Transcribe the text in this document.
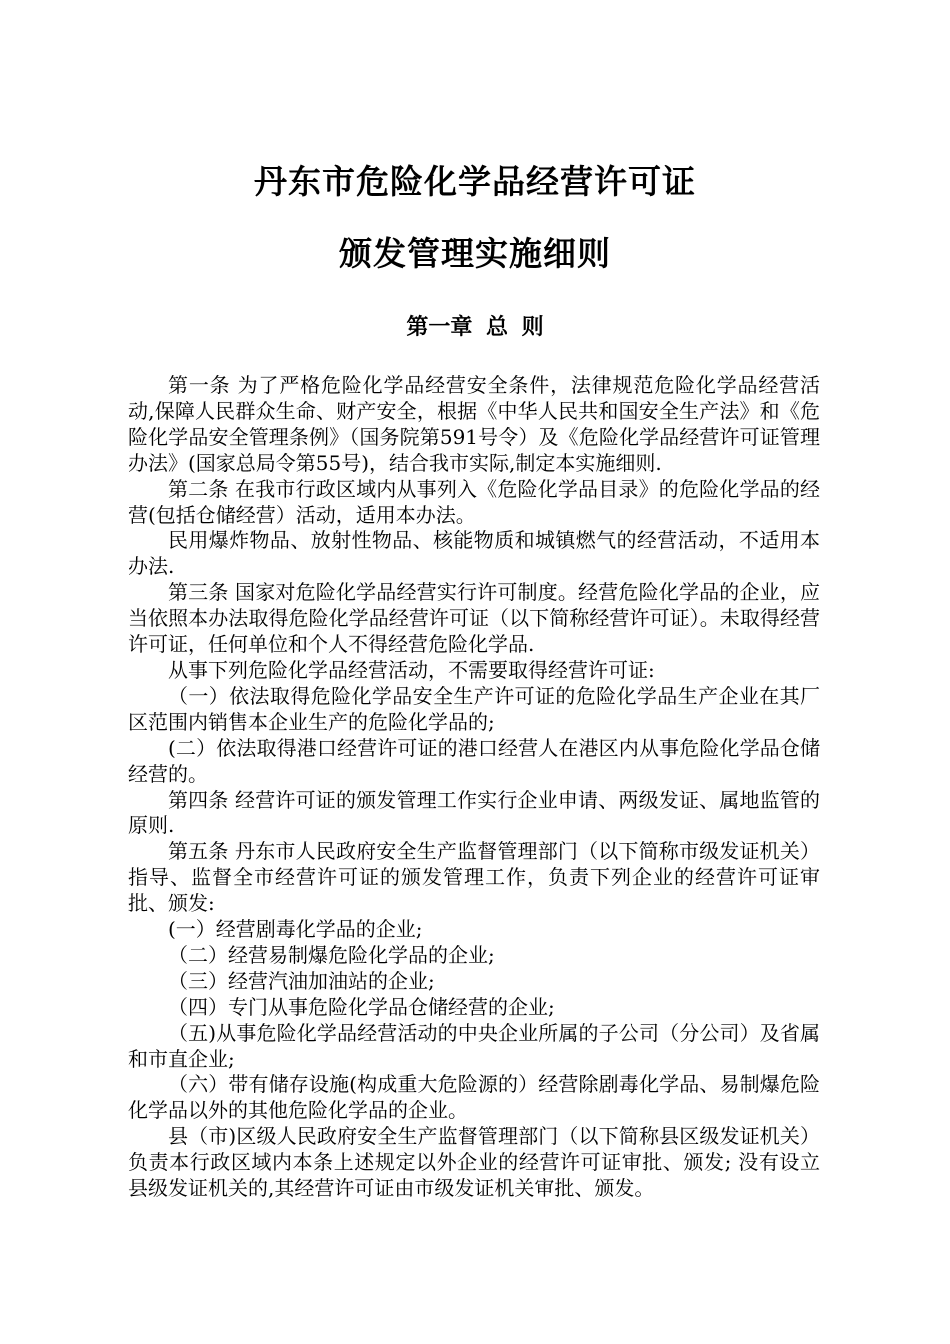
丹东市危险化学品经营许可证
颁发管理实施细则
第一章 总 则

第一条 为了严格危险化学品经营安全条件，法律规范危险化学品经营活动,保障人民群众生命、财产安全，根据《中华人民共和国安全生产法》和《危险化学品安全管理条例》（国务院第591号令）及《危险化学品经营许可证管理办法》(国家总局令第55号)，结合我市实际,制定本实施细则.

第二条 在我市行政区域内从事列入《危险化学品目录》的危险化学品的经营(包括仓储经营）活动，适用本办法。

民用爆炸物品、放射性物品、核能物质和城镇燃气的经营活动，不适用本办法.

第三条 国家对危险化学品经营实行许可制度。经营危险化学品的企业，应当依照本办法取得危险化学品经营许可证（以下简称经营许可证）。未取得经营许可证，任何单位和个人不得经营危险化学品.

从事下列危险化学品经营活动，不需要取得经营许可证:

（一）依法取得危险化学品安全生产许可证的危险化学品生产企业在其厂区范围内销售本企业生产的危险化学品的;

(二）依法取得港口经营许可证的港口经营人在港区内从事危险化学品仓储经营的。

第四条 经营许可证的颁发管理工作实行企业申请、两级发证、属地监管的原则.

第五条 丹东市人民政府安全生产监督管理部门（以下简称市级发证机关）指导、监督全市经营许可证的颁发管理工作，负责下列企业的经营许可证审批、颁发:

(一）经营剧毒化学品的企业;

（二）经营易制爆危险化学品的企业;

（三）经营汽油加油站的企业;

（四）专门从事危险化学品仓储经营的企业;

（五)从事危险化学品经营活动的中央企业所属的子公司（分公司）及省属和市直企业;

（六）带有储存设施(构成重大危险源的）经营除剧毒化学品、易制爆危险化学品以外的其他危险化学品的企业。

县（市)区级人民政府安全生产监督管理部门（以下简称县区级发证机关）负责本行政区域内本条上述规定以外企业的经营许可证审批、颁发; 没有设立县级发证机关的,其经营许可证由市级发证机关审批、颁发。
